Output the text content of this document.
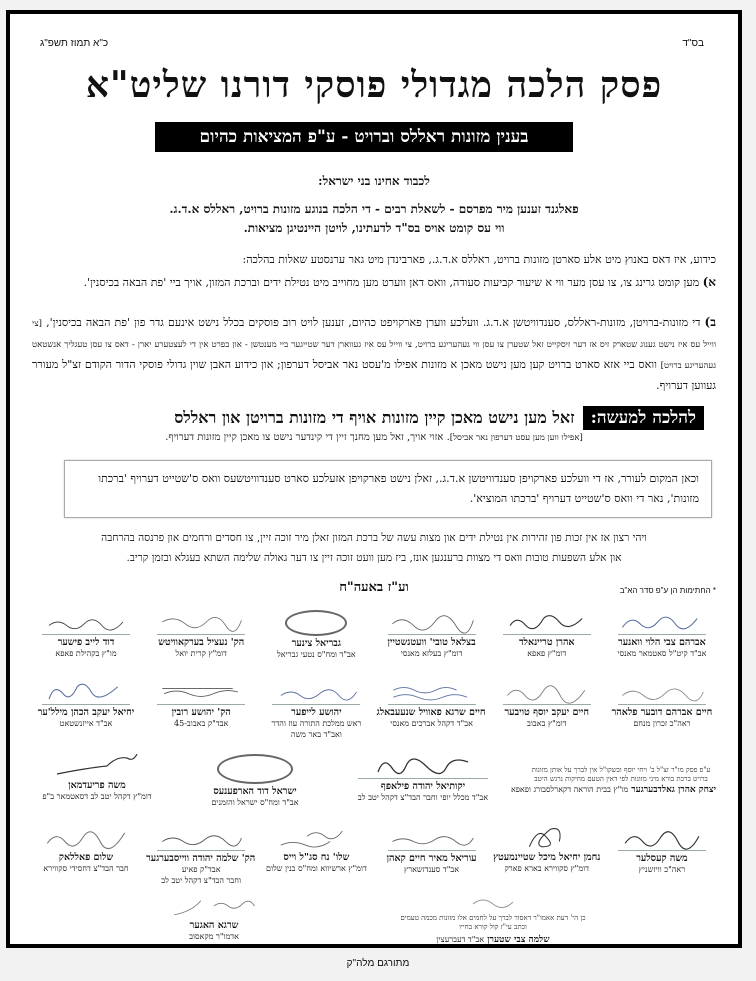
בס"ד
כ"א תמוז תשפ"ג
פסק הלכה מגדולי פוסקי דורנו שליט"א
בענין מזונות ראללס וברויט - ע"פ המציאות כהיום
לכבוד אחינו בני ישראל:
פאלגנד זענען מיר מפרסם - לשאלת רבים - די הלכה בנוגע מזונות ברויט, ראללס א.ד.ג.
ווי עס קומט אויס בס"ד לדעתינו, לויטן היינטיגן מציאות.
כידוע, איז דאס באנוץ מיט אלע סארטן מזונות ברויט, ראללס א.ד.ג., פארבינדן מיט גאר ערנסטע שאלות בהלכה:
א) מען קומט גרינג צו, צו עסן מער ווי א שיעור קביעות סעודה, וואס דאן ווערט מען מחוייב מיט נטילת ידים וברכת המזון, אויך ביי 'פת הבאה בכיסנין'.
ב) די מזונות-ברויטן, מזונות-ראללס, סענדוויטשן א.ד.ג. וועלכע ווערן פארקויפט כהיום, זענען לויט רוב פוסקים בכלל נישט אינעם גדר פון 'פת הבאה בכיסנין', [צי ווייל עס איז נישט גענוג שטארק זיס אז דער זיסקייט זאל שטערן צו עסן ווי געהעריגע ברויט, צי ווייל עס איז געווארן דער שטייגער ביי מענטשן - און בפרט אין די לעצטערע יארן - דאס צו עסן טעגליך אנשטאט געהעריגע ברויט] וואס ביי אזא סארט ברויט קען מען נישט מאכן א מזונות אפילו מ'עסט נאר אביסל דערפון; און כידוע האבן שוין גדולי פוסקי הדור הקודם זצ"ל מעורר געווען דערויף.
להלכה למעשה:
זאל מען נישט מאכן קיין מזונות אויף די מזונות ברויטן און ראללס
[אפילו ווען מען עסט דערפון נאר אביסל]. אזוי אויך, זאל מען מחנך זיין די קינדער נישט צו מאכן קיין מזונות דערויף.
וכאן המקום לעורר, אז די וועלכע פארקויפן סענדוויטשן א.ד.ג., זאלן נישט פארקויפן אזעלכע סארט סענדוויטשעס וואס ס'שטייט דערויף 'ברכתו מזונות', נאר די וואס ס'שטייט דערויף 'ברכתו המוציא'.
ויהי רצון אז אין זכות פון זהירות אין נטילת ידים און מצות עשה של ברכת המזון זאלן מיר זוכה זיין, צו חסדים ורחמים און פרנסה בהרחבה
און אלע השפעות טובות וואס די מצוות ברענגען אונז, ביז מען וועט זוכה זיין צו דער גאולה שלימה השתא בעגלא ובזמן קריב.
וע"ז באעה"ח	* החתימות הן ע"פ סדר הא"ב
אברהם צבי הלוי וואנער
אב"ד קיט"ל סאטמאר מאנסי
אהרן טריינאלד
דומ"ץ פאפא
בצלאל טובי' וועטנשטיין
דומ"ץ בעלזא מאנסי
גבריאל צינער
אב"ד ומח"ס נטעי גבריאל
הק' נעציל בערקאוויטש
דומ"ץ קרית יואל
דוד לייב פישער
מו"ץ בקהילת פאפא
חיים אברהם דובער פלאהר
ראה"כ זכרון מנחם
חיים יעקב יוסף טויבער
דומ"ץ באבוב
חיים שרגא פאוויל שנעעבאלג
אב"ד דקהל אברכים מאנסי
יהושע לייפער
ראש ממלכת התורה עוז והדר
ואב"ד באר משה
הק' יהושע רובין
אבד"ק באבוב-45
יחיאל יעקב הכהן מילל'ער
אב"ד אייזנשטאט
ע"פ פסק מו"ר זצ"ל ב' ויחי יוסף ובשקו"ל אין לברך על אותן מזונות ברויט ברכת בורא מיני מזונות לפי דאין הטעם מחיקות נרגש היטב
יצחק אהרן גאלדבערגער מו"ץ בבית הוראה דקארלסבורג ופאפא
יקותיאל יהודה פילאפף
אב"ד מכלל יופי וחבר הבד"צ דקהל יטב לב
ישראל דוד הארפענעס
אב"ד ומח"ס ישראל והזמנים
משה פריעדמאן
דומ"ץ דקהל יטב לב דסאטמאר ב"פ
משה קעסלער
ראה"כ וויזשניץ
נחמן יחיאל מיכל שטיינמעטץ
דומ"ץ סקווירא בארא פארק
עוריאל מאיר חיים קאהן
אב"ד סענדזשארץ
שלו' נח סג"ל וייס
דומ"ץ ארשיווא ומח"ס בנין שלום
הק' שלמה יהודה ווייסבערגער
אבד"ק פאיע
וחבר הבד"צ דקהל יטב לב
שלום פאללאק
חבר הבד"צ דחסידי סקווירא
כן הי' דעת אאמו"ר דאסור לברך על לחמים אלו מזונות מכמה טעמים וכתב עי"ז קול קורא בחייו
שלמה צבי שטערן אב"ד דעברעצין
שרגא האגער
אדמו"ר מקאסוב
מתורגם מלה"ק
